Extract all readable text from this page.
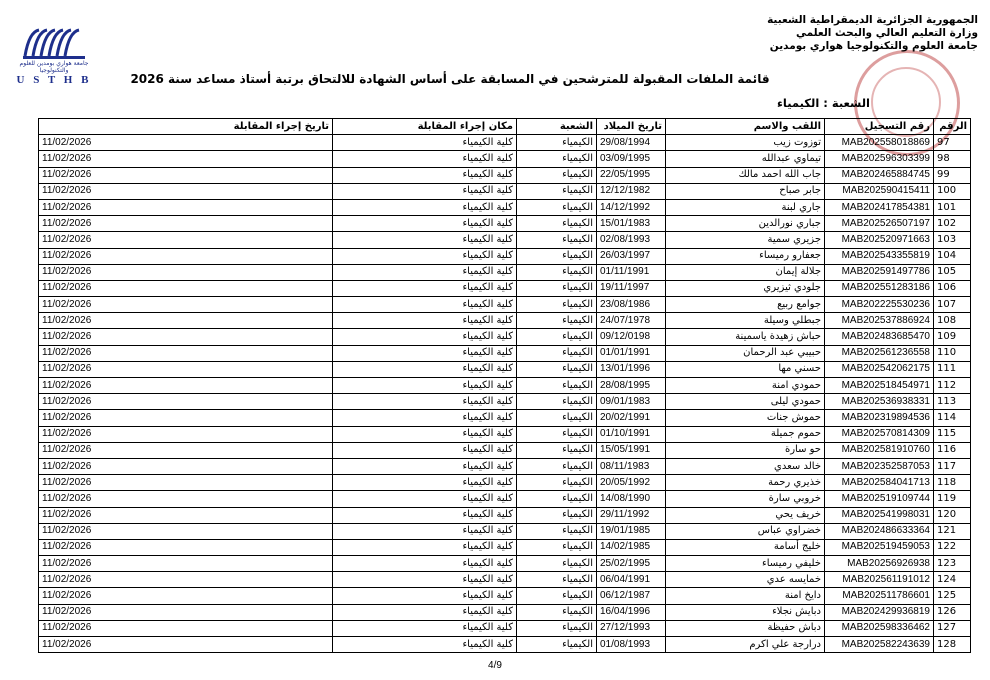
جامعة هواري بومدين للعلوم والتكنولوجيا
U S T H B
الجمهورية الجزائرية الديمقراطية الشعبية
وزارة التعليم العالي والبحث العلمي
جامعة العلوم والتكنولوجيا هواري بومدين
قائمة الملفات المقبولة للمترشحين في المسابقة على أساس الشهادة للالتحاق برتبة أستاذ مساعد سنة 2026
الشعبة : الكيمياء
الرقم	رقم التسجيل	اللقب والاسم	تاريخ الميلاد	الشعبة	مكان إجراء المقابلة	تاريخ إجراء المقابلة
97	MAB202558018869	توزوت زيب	29/08/1994	الكيمياء	كلية الكيمياء	11/02/2026
98	MAB202596303399	تيماوي عبدالله	03/09/1995	الكيمياء	كلية الكيمياء	11/02/2026
99	MAB202465884745	جاب الله احمد مالك	22/05/1995	الكيمياء	كلية الكيمياء	11/02/2026
100	MAB202590415411	جابر صباح	12/12/1982	الكيمياء	كلية الكيمياء	11/02/2026
101	MAB202417854381	جاري لبنة	14/12/1992	الكيمياء	كلية الكيمياء	11/02/2026
102	MAB202526507197	جباري نورالدين	15/01/1983	الكيمياء	كلية الكيمياء	11/02/2026
103	MAB202520971663	جزيري سمية	02/08/1993	الكيمياء	كلية الكيمياء	11/02/2026
104	MAB202543355819	جعفارو رميساء	26/03/1997	الكيمياء	كلية الكيمياء	11/02/2026
105	MAB202591497786	جلالة إيمان	01/11/1991	الكيمياء	كلية الكيمياء	11/02/2026
106	MAB202551283186	جلودي ثيزيري	19/11/1997	الكيمياء	كلية الكيمياء	11/02/2026
107	MAB202225530236	جوامع ربيع	23/08/1986	الكيمياء	كلية الكيمياء	11/02/2026
108	MAB202537886924	جبطلي وسيلة	24/07/1978	الكيمياء	كلية الكيمياء	11/02/2026
109	MAB202483685470	حباش زهيدة ياسمينة	09/12/0198	الكيمياء	كلية الكيمياء	11/02/2026
110	MAB202561236558	حبيبي عبد الرحمان	01/01/1991	الكيمياء	كلية الكيمياء	11/02/2026
111	MAB202542062175	حسني مها	13/01/1996	الكيمياء	كلية الكيمياء	11/02/2026
112	MAB202518454971	حمودي امنة	28/08/1995	الكيمياء	كلية الكيمياء	11/02/2026
113	MAB202536938331	حمودي ليلى	09/01/1983	الكيمياء	كلية الكيمياء	11/02/2026
114	MAB202319894536	حموش جنات	20/02/1991	الكيمياء	كلية الكيمياء	11/02/2026
115	MAB202570814309	حموم جميلة	01/10/1991	الكيمياء	كلية الكيمياء	11/02/2026
116	MAB202581910760	حو سارة	15/05/1991	الكيمياء	كلية الكيمياء	11/02/2026
117	MAB202352587053	خالد سعدي	08/11/1983	الكيمياء	كلية الكيمياء	11/02/2026
118	MAB202584041713	خذيري رحمة	20/05/1992	الكيمياء	كلية الكيمياء	11/02/2026
119	MAB202519109744	خروبي سارة	14/08/1990	الكيمياء	كلية الكيمياء	11/02/2026
120	MAB202541998031	خريف يحي	29/11/1992	الكيمياء	كلية الكيمياء	11/02/2026
121	MAB202486633364	خضراوي عباس	19/01/1985	الكيمياء	كلية الكيمياء	11/02/2026
122	MAB202519459053	خليج أسامة	14/02/1985	الكيمياء	كلية الكيمياء	11/02/2026
123	MAB20256926938	خليفي رميساء	25/02/1995	الكيمياء	كلية الكيمياء	11/02/2026
124	MAB202561191012	خمايسه عدي	06/04/1991	الكيمياء	كلية الكيمياء	11/02/2026
125	MAB202511786601	دايخ امنة	06/12/1987	الكيمياء	كلية الكيمياء	11/02/2026
126	MAB202429936819	دبايش نجلاء	16/04/1996	الكيمياء	كلية الكيمياء	11/02/2026
127	MAB202598336462	دباش حفيظة	27/12/1993	الكيمياء	كلية الكيمياء	11/02/2026
128	MAB202582243639	درارجة علي اكرم	01/08/1993	الكيمياء	كلية الكيمياء	11/02/2026
4/9
